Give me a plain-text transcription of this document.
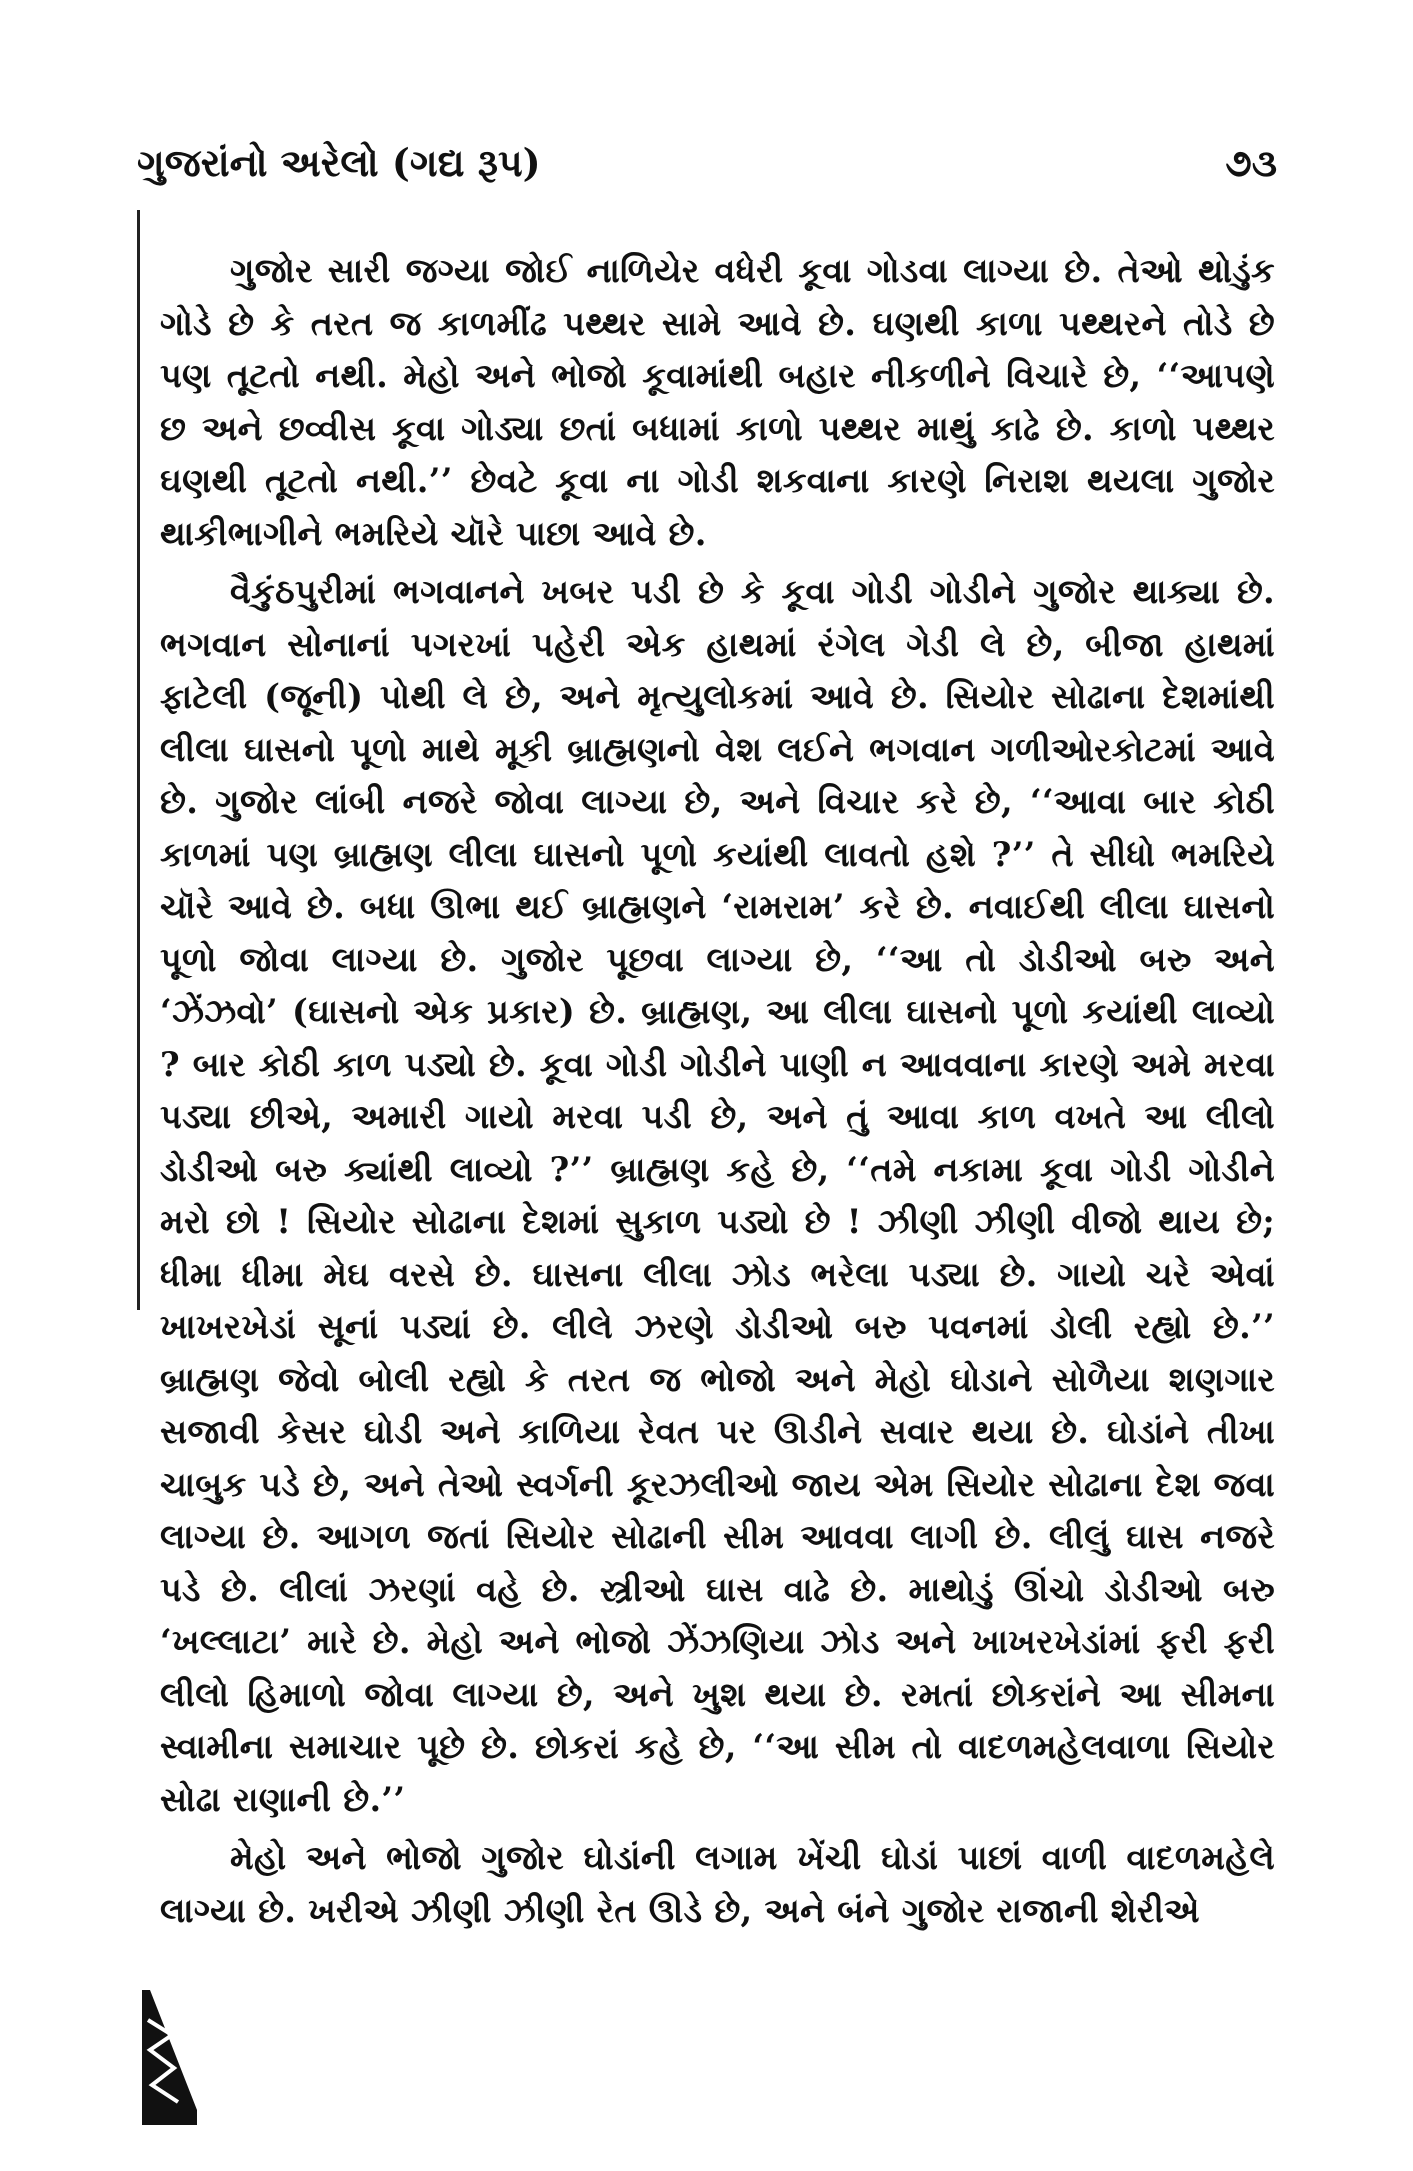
ગુજરાંનો અરેલો (ગદ્ય રૂપ)	૭૩

ગુજોર સારી જગ્યા જોઈ નાળિયેર વધેરી કૂવા ગોડવા લાગ્યા છે. તેઓ થોડુંક ગોડે છે કે તરત જ કાળમીંઢ પથ્થર સામે આવે છે. ઘણથી કાળા પથ્થરને તોડે છે પણ તૂટતો નથી. મેહો અને ભોજો કૂવામાંથી બહાર નીકળીને વિચારે છે, ‘‘આપણે છ અને છવ્વીસ કૂવા ગોડ્યા છતાં બધામાં કાળો પથ્થર માથું કાઢે છે. કાળો પથ્થર ઘણથી તૂટતો નથી.’’ છેવટે કૂવા ના ગોડી શકવાના કારણે નિરાશ થયલા ગુજોર થાકીભાગીને ભમરિયે ચૉરે પાછા આવે છે.

વૈકુંઠપુરીમાં ભગવાનને ખબર પડી છે કે કૂવા ગોડી ગોડીને ગુજોર થાક્યા છે. ભગવાન સોનાનાં પગરખાં પહેરી એક હાથમાં રંગેલ ગેડી લે છે, બીજા હાથમાં ફાટેલી (જૂની) પોથી લે છે, અને મૃત્યુલોકમાં આવે છે. સિયોર સોઢાના દેશમાંથી લીલા ઘાસનો પૂળો માથે મૂકી બ્રાહ્મણનો વેશ લઈને ભગવાન ગળીઓરકોટમાં આવે છે. ગુજોર લાંબી નજરે જોવા લાગ્યા છે, અને વિચાર કરે છે, ‘‘આવા બાર કોઠી કાળમાં પણ બ્રાહ્મણ લીલા ઘાસનો પૂળો કયાંથી લાવતો હશે ?’’ તે સીધો ભમરિયે ચૉરે આવે છે. બધા ઊભા થઈ બ્રાહ્મણને ‘રામરામ’ કરે છે. નવાઈથી લીલા ઘાસનો પૂળો જોવા લાગ્યા છે. ગુજોર પૂછવા લાગ્યા છે, ‘‘આ તો ડોડીઓ બરુ અને ‘ઝેંઝવો’ (ઘાસનો એક પ્રકાર) છે. બ્રાહ્મણ, આ લીલા ઘાસનો પૂળો કયાંથી લાવ્યો ? બાર કોઠી કાળ પડ્યો છે. કૂવા ગોડી ગોડીને પાણી ન આવવાના કારણે અમે મરવા પડ્યા છીએ, અમારી ગાયો મરવા પડી છે, અને તું આવા કાળ વખતે આ લીલો ડોડીઓ બરુ ક્યાંથી લાવ્યો ?’’ બ્રાહ્મણ કહે છે, ‘‘તમે નકામા કૂવા ગોડી ગોડીને મરો છો ! સિયોર સોઢાના દેશમાં સુકાળ પડ્યો છે ! ઝીણી ઝીણી વીજો થાય છે; ધીમા ધીમા મેઘ વરસે છે. ઘાસના લીલા ઝોડ ભરેલા પડ્યા છે. ગાયો ચરે એવાં ખાખરખેડાં સૂનાં પડ્યાં છે. લીલે ઝરણે ડોડીઓ બરુ પવનમાં ડોલી રહ્યો છે.’’ બ્રાહ્મણ જેવો બોલી રહ્યો કે તરત જ ભોજો અને મેહો ઘોડાને સોળૈયા શણગાર સજાવી કેસર ઘોડી અને કાળિયા રેવત પર ઊડીને સવાર થયા છે. ઘોડાંને તીખા ચાબુક પડે છે, અને તેઓ સ્વર્ગની કૂરઝલીઓ જાય એમ સિયોર સોઢાના દેશ જવા લાગ્યા છે. આગળ જતાં સિયોર સોઢાની સીમ આવવા લાગી છે. લીલું ઘાસ નજરે પડે છે. લીલાં ઝરણાં વહે છે. સ્ત્રીઓ ઘાસ વાઢે છે. માથોડું ઊંચો ડોડીઓ બરુ ‘ખલ્લાટા’ મારે છે. મેહો અને ભોજો ઝેંઝણિયા ઝોડ અને ખાખરખેડાંમાં ફરી ફરી લીલો હિમાળો જોવા લાગ્યા છે, અને ખુશ થયા છે. રમતાં છોકરાંને આ સીમના સ્વામીના સમાચાર પૂછે છે. છોકરાં કહે છે, ‘‘આ સીમ તો વાદળમહેલવાળા સિયોર સોઢા રાણાની છે.’’

મેહો અને ભોજો ગુજોર ઘોડાંની લગામ ખેંચી ઘોડાં પાછાં વાળી વાદળમહેલે લાગ્યા છે. ખરીએ ઝીણી ઝીણી રેત ઊડે છે, અને બંને ગુજોર રાજાની શેરીએ
